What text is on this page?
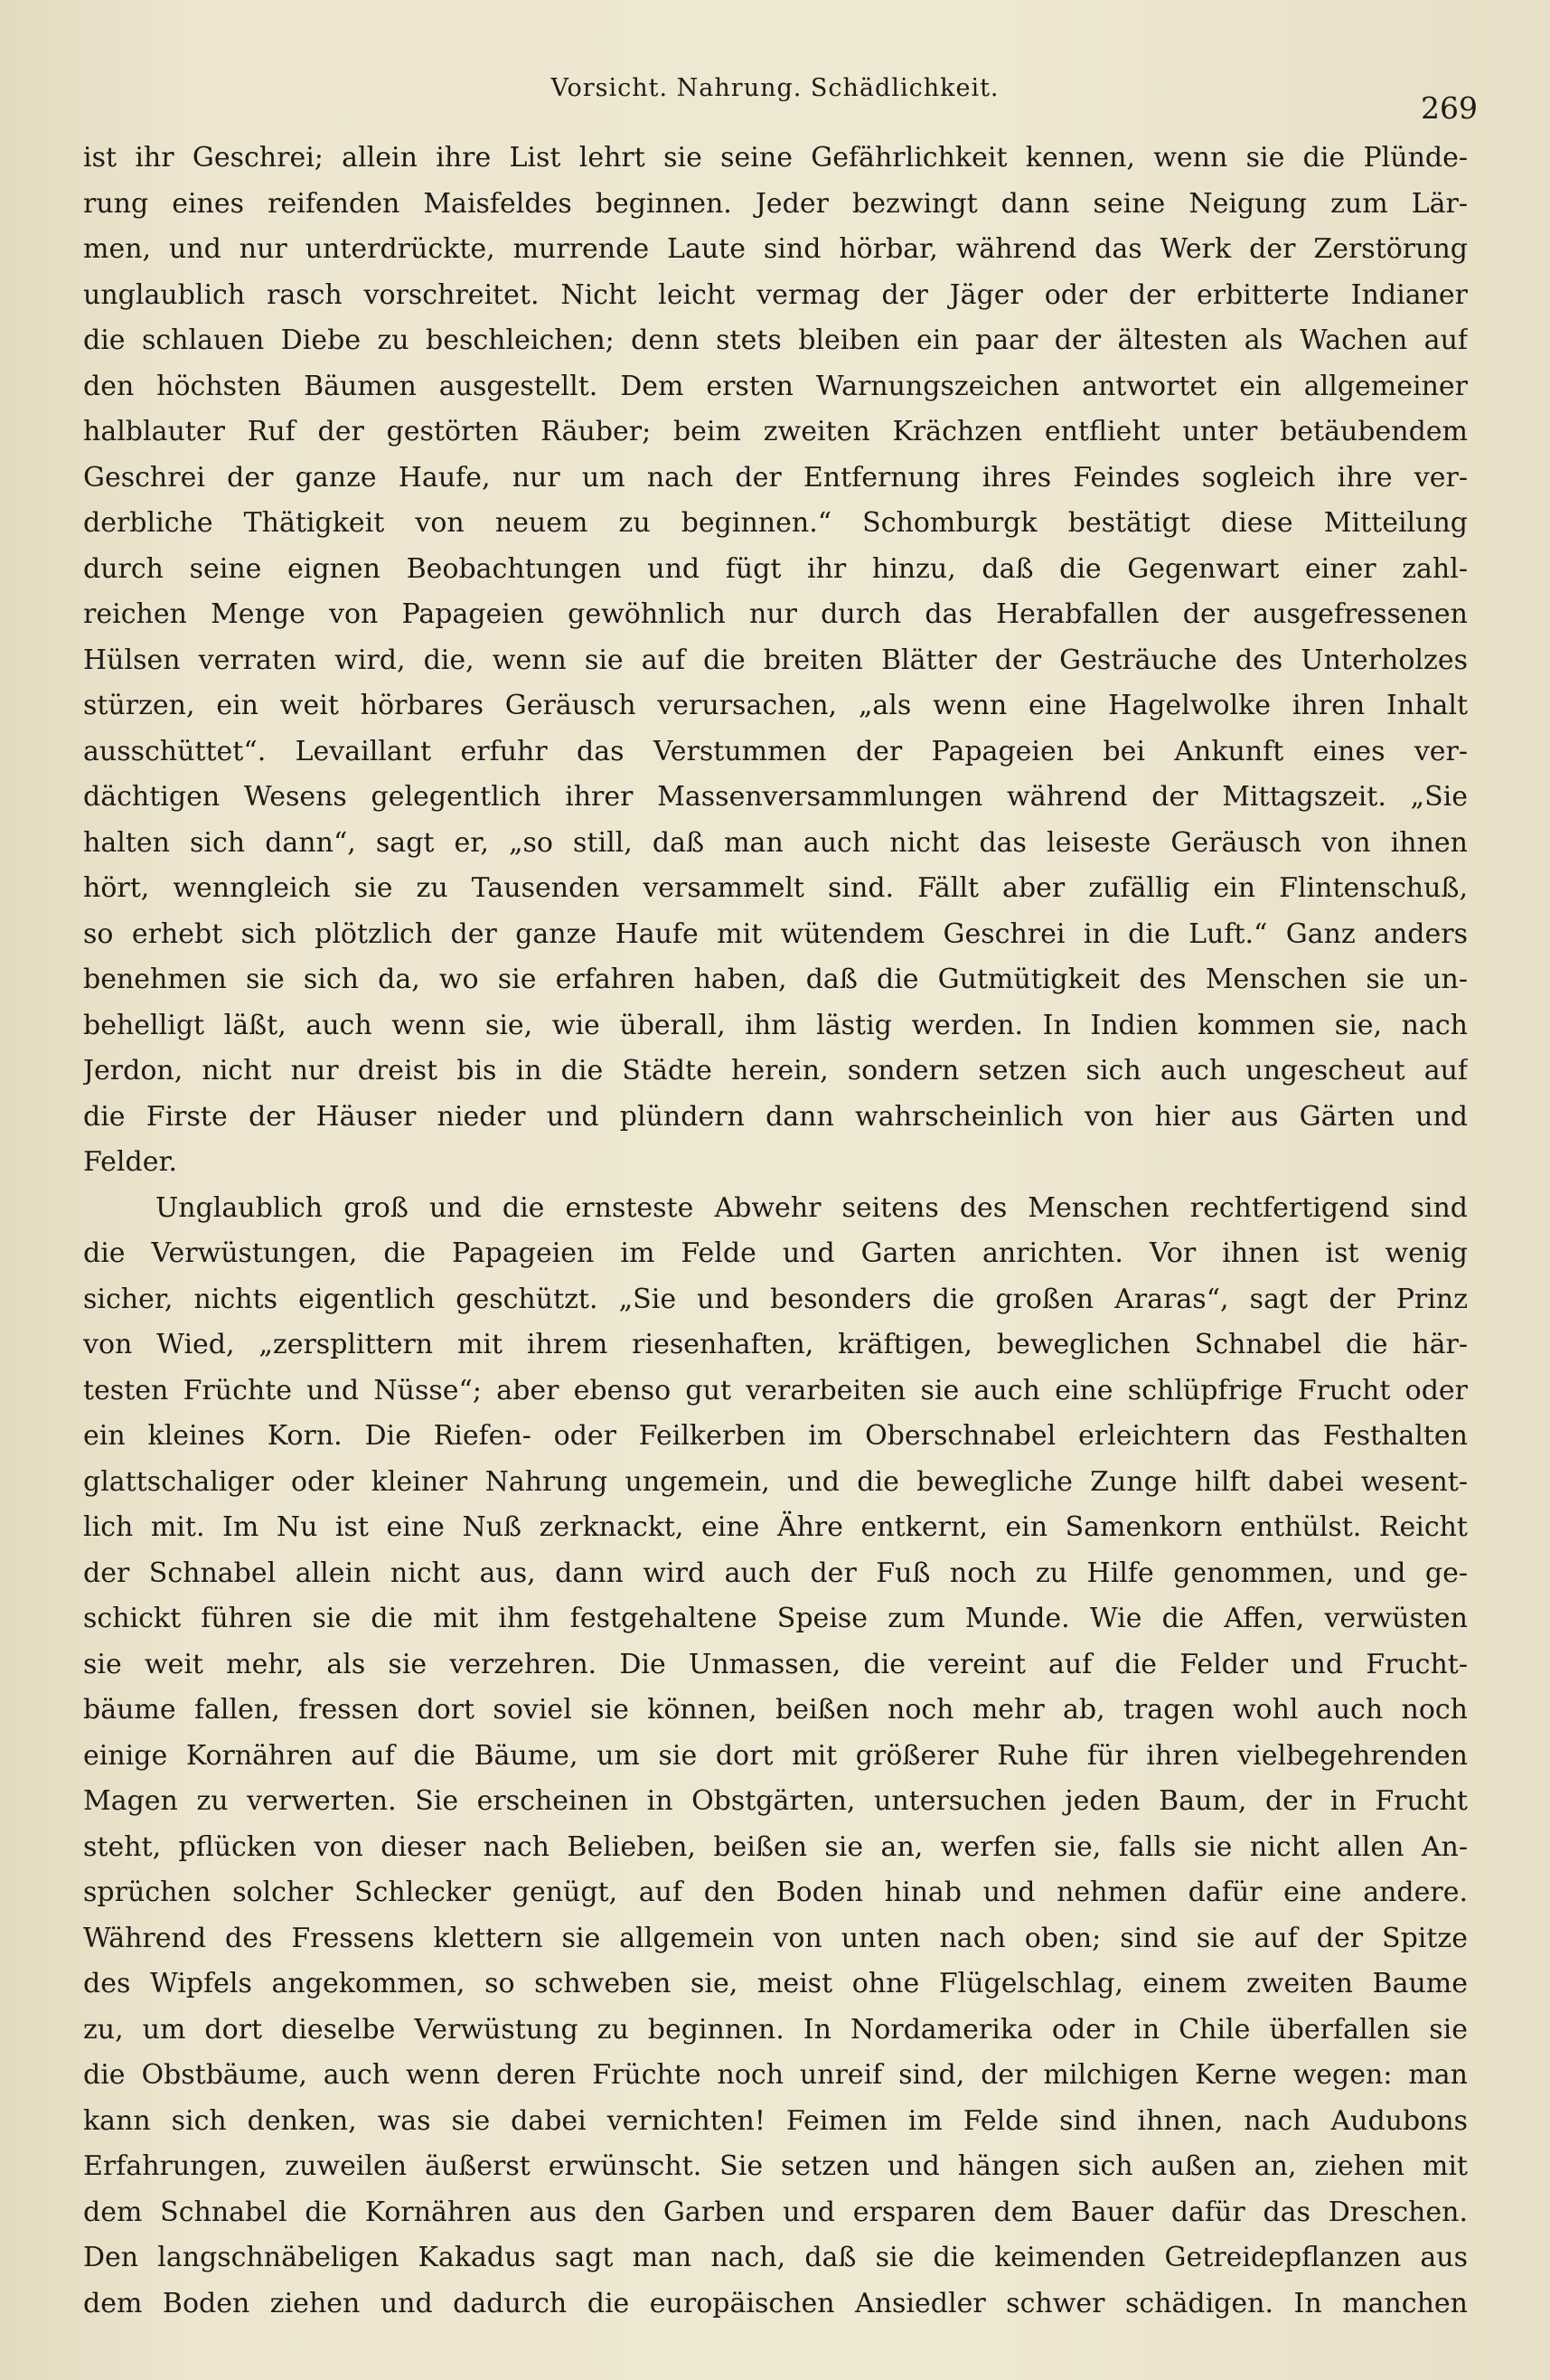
Vorsicht. Nahrung. Schädlichkeit.
269
ist ihr Geschrei; allein ihre List lehrt sie seine Gefährlichkeit kennen, wenn sie die Plünde-
rung eines reifenden Maisfeldes beginnen. Jeder bezwingt dann seine Neigung zum Lär-
men, und nur unterdrückte, murrende Laute sind hörbar, während das Werk der Zerstörung
unglaublich rasch vorschreitet. Nicht leicht vermag der Jäger oder der erbitterte Indianer
die schlauen Diebe zu beschleichen; denn stets bleiben ein paar der ältesten als Wachen auf
den höchsten Bäumen ausgestellt. Dem ersten Warnungszeichen antwortet ein allgemeiner
halblauter Ruf der gestörten Räuber; beim zweiten Krächzen entflieht unter betäubendem
Geschrei der ganze Haufe, nur um nach der Entfernung ihres Feindes sogleich ihre ver-
derbliche Thätigkeit von neuem zu beginnen.“ Schomburgk bestätigt diese Mitteilung
durch seine eignen Beobachtungen und fügt ihr hinzu, daß die Gegenwart einer zahl-
reichen Menge von Papageien gewöhnlich nur durch das Herabfallen der ausgefressenen
Hülsen verraten wird, die, wenn sie auf die breiten Blätter der Gesträuche des Unterholzes
stürzen, ein weit hörbares Geräusch verursachen, „als wenn eine Hagelwolke ihren Inhalt
ausschüttet“. Levaillant erfuhr das Verstummen der Papageien bei Ankunft eines ver-
dächtigen Wesens gelegentlich ihrer Massenversammlungen während der Mittagszeit. „Sie
halten sich dann“, sagt er, „so still, daß man auch nicht das leiseste Geräusch von ihnen
hört, wenngleich sie zu Tausenden versammelt sind. Fällt aber zufällig ein Flintenschuß,
so erhebt sich plötzlich der ganze Haufe mit wütendem Geschrei in die Luft.“ Ganz anders
benehmen sie sich da, wo sie erfahren haben, daß die Gutmütigkeit des Menschen sie un-
behelligt läßt, auch wenn sie, wie überall, ihm lästig werden. In Indien kommen sie, nach
Jerdon, nicht nur dreist bis in die Städte herein, sondern setzen sich auch ungescheut auf
die Firste der Häuser nieder und plündern dann wahrscheinlich von hier aus Gärten und
Felder.
Unglaublich groß und die ernsteste Abwehr seitens des Menschen rechtfertigend sind
die Verwüstungen, die Papageien im Felde und Garten anrichten. Vor ihnen ist wenig
sicher, nichts eigentlich geschützt. „Sie und besonders die großen Araras“, sagt der Prinz
von Wied, „zersplittern mit ihrem riesenhaften, kräftigen, beweglichen Schnabel die här-
testen Früchte und Nüsse“; aber ebenso gut verarbeiten sie auch eine schlüpfrige Frucht oder
ein kleines Korn. Die Riefen- oder Feilkerben im Oberschnabel erleichtern das Festhalten
glattschaliger oder kleiner Nahrung ungemein, und die bewegliche Zunge hilft dabei wesent-
lich mit. Im Nu ist eine Nuß zerknackt, eine Ähre entkernt, ein Samenkorn enthülst. Reicht
der Schnabel allein nicht aus, dann wird auch der Fuß noch zu Hilfe genommen, und ge-
schickt führen sie die mit ihm festgehaltene Speise zum Munde. Wie die Affen, verwüsten
sie weit mehr, als sie verzehren. Die Unmassen, die vereint auf die Felder und Frucht-
bäume fallen, fressen dort soviel sie können, beißen noch mehr ab, tragen wohl auch noch
einige Kornähren auf die Bäume, um sie dort mit größerer Ruhe für ihren vielbegehrenden
Magen zu verwerten. Sie erscheinen in Obstgärten, untersuchen jeden Baum, der in Frucht
steht, pflücken von dieser nach Belieben, beißen sie an, werfen sie, falls sie nicht allen An-
sprüchen solcher Schlecker genügt, auf den Boden hinab und nehmen dafür eine andere.
Während des Fressens klettern sie allgemein von unten nach oben; sind sie auf der Spitze
des Wipfels angekommen, so schweben sie, meist ohne Flügelschlag, einem zweiten Baume
zu, um dort dieselbe Verwüstung zu beginnen. In Nordamerika oder in Chile überfallen sie
die Obstbäume, auch wenn deren Früchte noch unreif sind, der milchigen Kerne wegen: man
kann sich denken, was sie dabei vernichten! Feimen im Felde sind ihnen, nach Audubons
Erfahrungen, zuweilen äußerst erwünscht. Sie setzen und hängen sich außen an, ziehen mit
dem Schnabel die Kornähren aus den Garben und ersparen dem Bauer dafür das Dreschen.
Den langschnäbeligen Kakadus sagt man nach, daß sie die keimenden Getreidepflanzen aus
dem Boden ziehen und dadurch die europäischen Ansiedler schwer schädigen. In manchen
